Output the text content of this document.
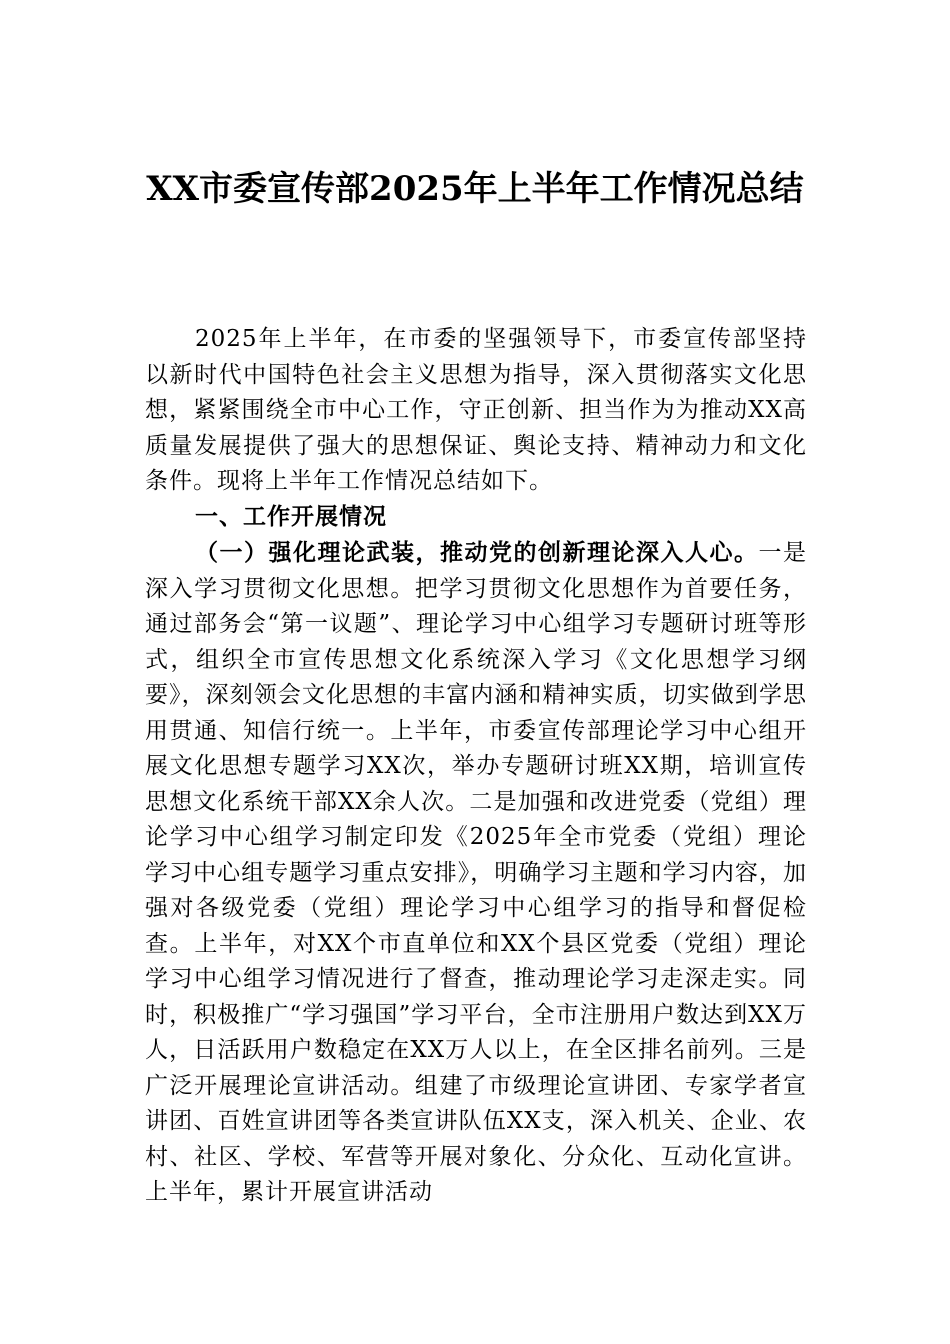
XX市委宣传部2025年上半年工作情况总结

2025年上半年，在市委的坚强领导下，市委宣传部坚持以新时代中国特色社会主义思想为指导，深入贯彻落实文化思想，紧紧围绕全市中心工作，守正创新、担当作为为推动XX高质量发展提供了强大的思想保证、舆论支持、精神动力和文化条件。现将上半年工作情况总结如下。

一、工作开展情况

（一）强化理论武装，推动党的创新理论深入人心。一是深入学习贯彻文化思想。把学习贯彻文化思想作为首要任务，通过部务会“第一议题”、理论学习中心组学习专题研讨班等形式，组织全市宣传思想文化系统深入学习《文化思想学习纲要》，深刻领会文化思想的丰富内涵和精神实质，切实做到学思用贯通、知信行统一。上半年，市委宣传部理论学习中心组开展文化思想专题学习XX次，举办专题研讨班XX期，培训宣传思想文化系统干部XX余人次。二是加强和改进党委（党组）理论学习中心组学习制定印发《2025年全市党委（党组）理论学习中心组专题学习重点安排》，明确学习主题和学习内容，加强对各级党委（党组）理论学习中心组学习的指导和督促检查。上半年，对XX个市直单位和XX个县区党委（党组）理论学习中心组学习情况进行了督查，推动理论学习走深走实。同时，积极推广“学习强国”学习平台，全市注册用户数达到XX万人，日活跃用户数稳定在XX万人以上，在全区排名前列。三是广泛开展理论宣讲活动。组建了市级理论宣讲团、专家学者宣讲团、百姓宣讲团等各类宣讲队伍XX支，深入机关、企业、农村、社区、学校、军营等开展对象化、分众化、互动化宣讲。上半年，累计开展宣讲活动
